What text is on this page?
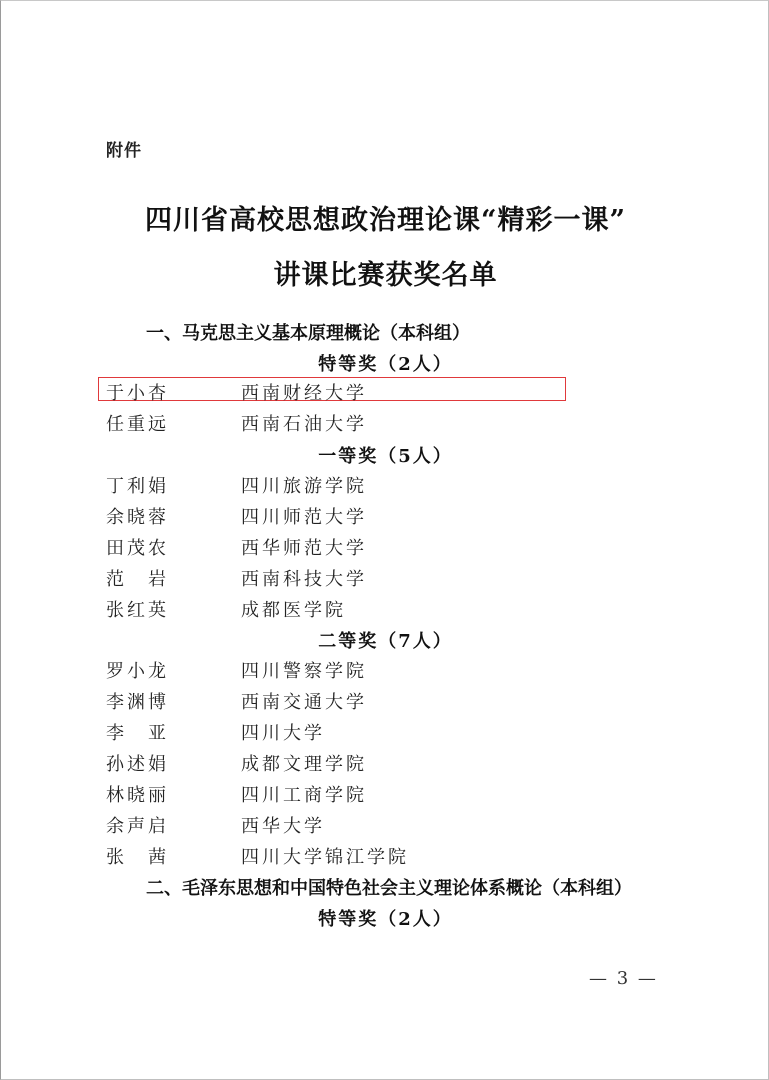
附件
四川省高校思想政治理论课“精彩一课”
讲课比赛获奖名单
一、马克思主义基本原理概论（本科组）
特等奖（2人）
于小杏	西南财经大学
任重远	西南石油大学
一等奖（5人）
丁利娟	四川旅游学院
余晓蓉	四川师范大学
田茂农	西华师范大学
范　岩	西南科技大学
张红英	成都医学院
二等奖（7人）
罗小龙	四川警察学院
李渊博	西南交通大学
李　亚	四川大学
孙述娟	成都文理学院
林晓丽	四川工商学院
余声启	西华大学
张　茜	四川大学锦江学院
二、毛泽东思想和中国特色社会主义理论体系概论（本科组）
特等奖（2人）
— 3 —
